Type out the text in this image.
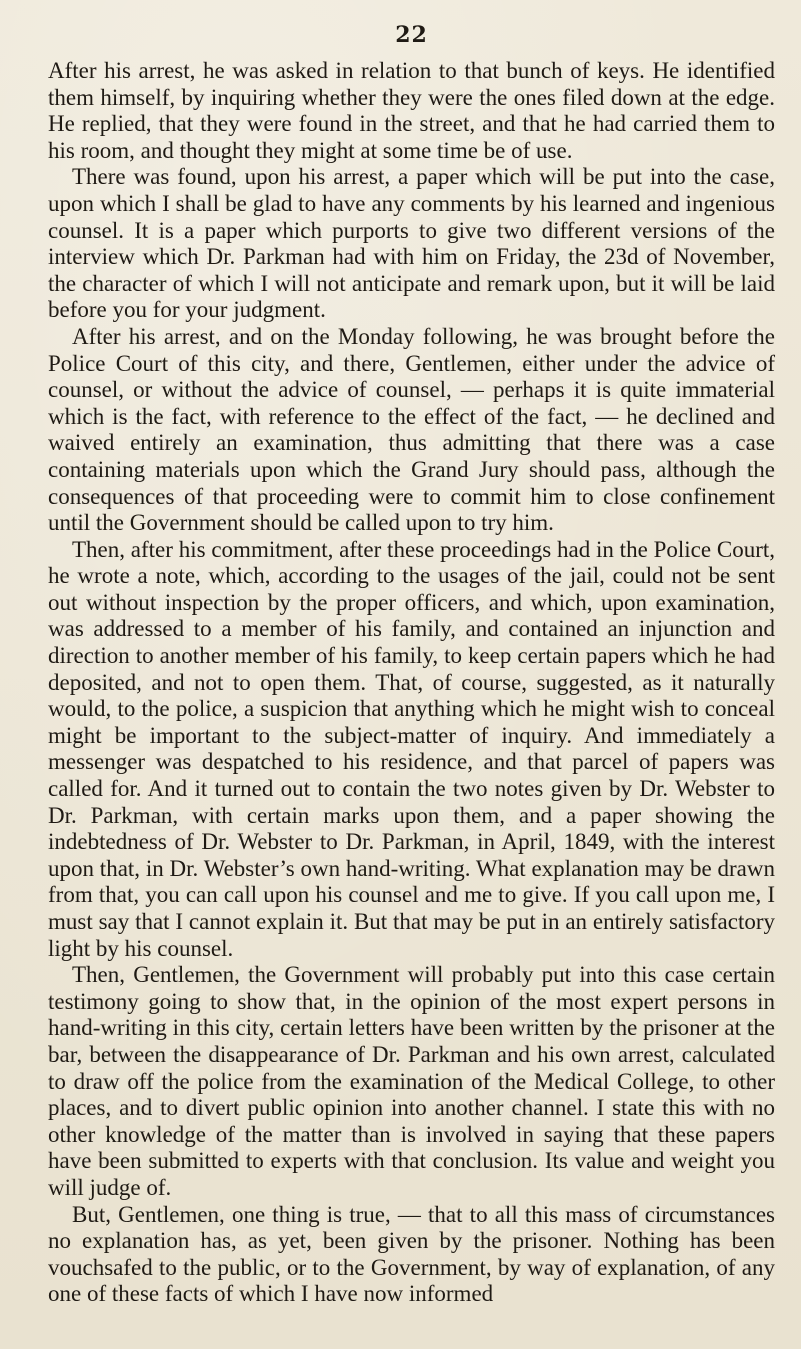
22

After his arrest, he was asked in relation to that bunch of keys. He identified them himself, by inquiring whether they were the ones filed down at the edge. He replied, that they were found in the street, and that he had carried them to his room, and thought they might at some time be of use.

There was found, upon his arrest, a paper which will be put into the case, upon which I shall be glad to have any comments by his learned and ingenious counsel. It is a paper which purports to give two different versions of the interview which Dr. Parkman had with him on Friday, the 23d of November, the character of which I will not anticipate and remark upon, but it will be laid before you for your judgment.

After his arrest, and on the Monday following, he was brought before the Police Court of this city, and there, Gentlemen, either under the advice of counsel, or without the advice of counsel, — perhaps it is quite immaterial which is the fact, with reference to the effect of the fact, — he declined and waived entirely an examination, thus admitting that there was a case containing materials upon which the Grand Jury should pass, although the consequences of that proceeding were to commit him to close confinement until the Government should be called upon to try him.

Then, after his commitment, after these proceedings had in the Police Court, he wrote a note, which, according to the usages of the jail, could not be sent out without inspection by the proper officers, and which, upon examination, was addressed to a member of his family, and contained an injunction and direction to another member of his family, to keep certain papers which he had deposited, and not to open them. That, of course, suggested, as it naturally would, to the police, a suspicion that anything which he might wish to conceal might be important to the subject-matter of inquiry. And immediately a messenger was despatched to his residence, and that parcel of papers was called for. And it turned out to contain the two notes given by Dr. Webster to Dr. Parkman, with certain marks upon them, and a paper showing the indebtedness of Dr. Webster to Dr. Parkman, in April, 1849, with the interest upon that, in Dr. Webster’s own hand-writing. What explanation may be drawn from that, you can call upon his counsel and me to give. If you call upon me, I must say that I cannot explain it. But that may be put in an entirely satisfactory light by his counsel.

Then, Gentlemen, the Government will probably put into this case certain testimony going to show that, in the opinion of the most expert persons in hand-writing in this city, certain letters have been written by the prisoner at the bar, between the disappearance of Dr. Parkman and his own arrest, calculated to draw off the police from the examination of the Medical College, to other places, and to divert public opinion into another channel. I state this with no other knowledge of the matter than is involved in saying that these papers have been submitted to experts with that conclusion. Its value and weight you will judge of.

But, Gentlemen, one thing is true, — that to all this mass of circumstances no explanation has, as yet, been given by the prisoner. Nothing has been vouchsafed to the public, or to the Government, by way of explanation, of any one of these facts of which I have now informed
